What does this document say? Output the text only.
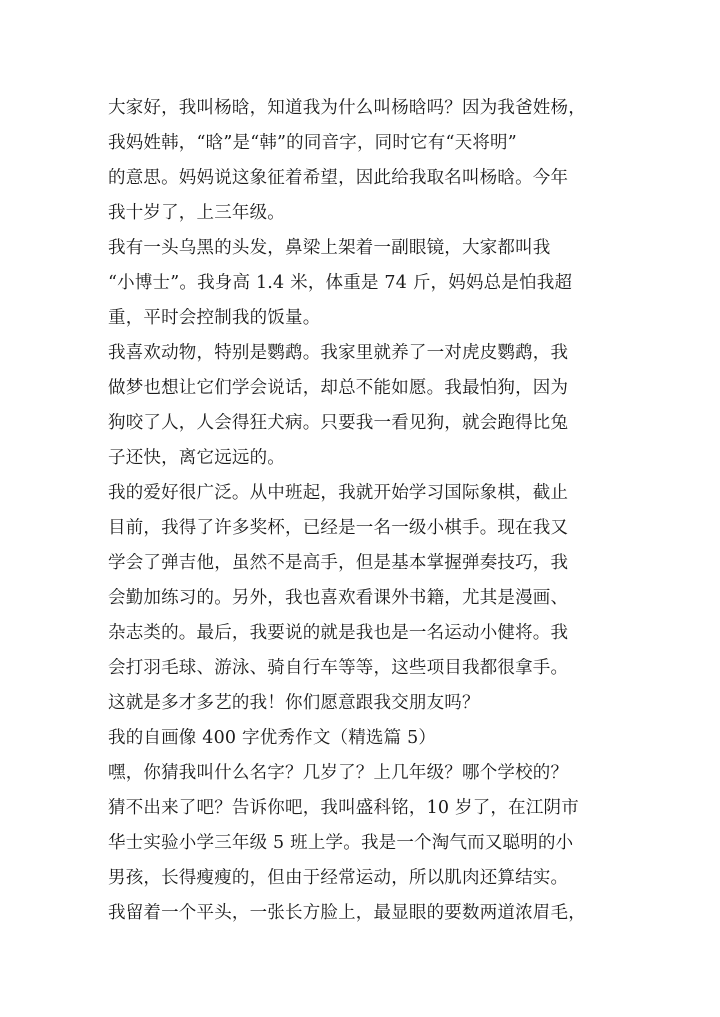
大家好，我叫杨晗，知道我为什么叫杨晗吗？因为我爸姓杨，
我妈姓韩，“晗”是“韩”的同音字，同时它有“天将明”
的意思。妈妈说这象征着希望，因此给我取名叫杨晗。今年
我十岁了，上三年级。
我有一头乌黑的头发，鼻梁上架着一副眼镜，大家都叫我
“小博士”。我身高 1.4 米，体重是 74 斤，妈妈总是怕我超
重，平时会控制我的饭量。
我喜欢动物，特别是鹦鹉。我家里就养了一对虎皮鹦鹉，我
做梦也想让它们学会说话，却总不能如愿。我最怕狗，因为
狗咬了人，人会得狂犬病。只要我一看见狗，就会跑得比兔
子还快，离它远远的。
我的爱好很广泛。从中班起，我就开始学习国际象棋，截止
目前，我得了许多奖杯，已经是一名一级小棋手。现在我又
学会了弹吉他，虽然不是高手，但是基本掌握弹奏技巧，我
会勤加练习的。另外，我也喜欢看课外书籍，尤其是漫画、
杂志类的。最后，我要说的就是我也是一名运动小健将。我
会打羽毛球、游泳、骑自行车等等，这些项目我都很拿手。
这就是多才多艺的我！你们愿意跟我交朋友吗？
我的自画像 400 字优秀作文（精选篇 5）
嘿，你猜我叫什么名字？几岁了？上几年级？哪个学校的？
猜不出来了吧？告诉你吧，我叫盛科铭，10 岁了，在江阴市
华士实验小学三年级 5 班上学。我是一个淘气而又聪明的小
男孩，长得瘦瘦的，但由于经常运动，所以肌肉还算结实。
我留着一个平头，一张长方脸上，最显眼的要数两道浓眉毛，
